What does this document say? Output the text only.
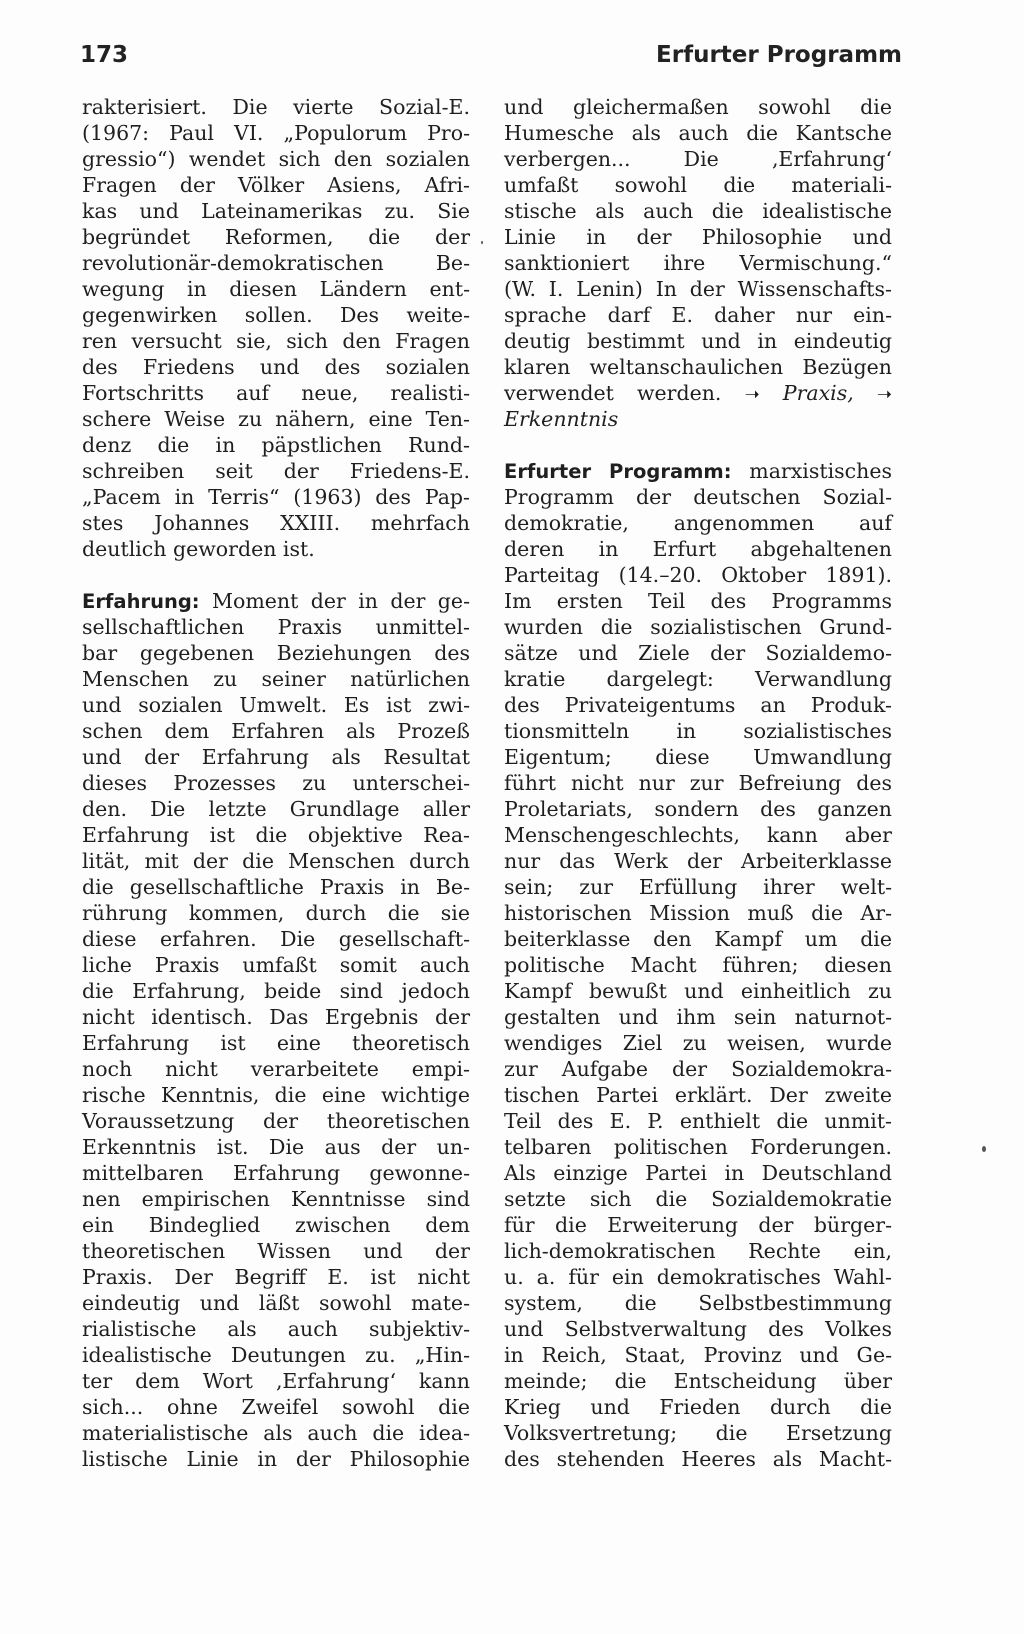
173	Erfurter Programm
rakterisiert. Die vierte Sozial-E.
(1967: Paul VI. „Populorum Pro-
gressio“) wendet sich den sozialen
Fragen der Völker Asiens, Afri-
kas und Lateinamerikas zu. Sie
begründet Reformen, die der
revolutionär-demokratischen Be-
wegung in diesen Ländern ent-
gegenwirken sollen. Des weite-
ren versucht sie, sich den Fragen
des Friedens und des sozialen
Fortschritts auf neue, realisti-
schere Weise zu nähern, eine Ten-
denz die in päpstlichen Rund-
schreiben seit der Friedens-E.
„Pacem in Terris“ (1963) des Pap-
stes Johannes XXIII. mehrfach
deutlich geworden ist.
Erfahrung: Moment der in der ge-
sellschaftlichen Praxis unmittel-
bar gegebenen Beziehungen des
Menschen zu seiner natürlichen
und sozialen Umwelt. Es ist zwi-
schen dem Erfahren als Prozeß
und der Erfahrung als Resultat
dieses Prozesses zu unterschei-
den. Die letzte Grundlage aller
Erfahrung ist die objektive Rea-
lität, mit der die Menschen durch
die gesellschaftliche Praxis in Be-
rührung kommen, durch die sie
diese erfahren. Die gesellschaft-
liche Praxis umfaßt somit auch
die Erfahrung, beide sind jedoch
nicht identisch. Das Ergebnis der
Erfahrung ist eine theoretisch
noch nicht verarbeitete empi-
rische Kenntnis, die eine wichtige
Voraussetzung der theoretischen
Erkenntnis ist. Die aus der un-
mittelbaren Erfahrung gewonne-
nen empirischen Kenntnisse sind
ein Bindeglied zwischen dem
theoretischen Wissen und der
Praxis. Der Begriff E. ist nicht
eindeutig und läßt sowohl mate-
rialistische als auch subjektiv-
idealistische Deutungen zu. „Hin-
ter dem Wort ‚Erfahrung‘ kann
sich... ohne Zweifel sowohl die
materialistische als auch die idea-
listische Linie in der Philosophie
und gleichermaßen sowohl die
Humesche als auch die Kantsche
verbergen... Die ‚Erfahrung‘
umfaßt sowohl die materiali-
stische als auch die idealistische
Linie in der Philosophie und
sanktioniert ihre Vermischung.“
(W. I. Lenin) In der Wissenschafts-
sprache darf E. daher nur ein-
deutig bestimmt und in eindeutig
klaren weltanschaulichen Bezügen
verwendet werden. ➝ Praxis, ➝
Erkenntnis
Erfurter Programm: marxistisches
Programm der deutschen Sozial-
demokratie, angenommen auf
deren in Erfurt abgehaltenen
Parteitag (14.–20. Oktober 1891).
Im ersten Teil des Programms
wurden die sozialistischen Grund-
sätze und Ziele der Sozialdemo-
kratie dargelegt: Verwandlung
des Privateigentums an Produk-
tionsmitteln in sozialistisches
Eigentum; diese Umwandlung
führt nicht nur zur Befreiung des
Proletariats, sondern des ganzen
Menschengeschlechts, kann aber
nur das Werk der Arbeiterklasse
sein; zur Erfüllung ihrer welt-
historischen Mission muß die Ar-
beiterklasse den Kampf um die
politische Macht führen; diesen
Kampf bewußt und einheitlich zu
gestalten und ihm sein naturnot-
wendiges Ziel zu weisen, wurde
zur Aufgabe der Sozialdemokra-
tischen Partei erklärt. Der zweite
Teil des E. P. enthielt die unmit-
telbaren politischen Forderungen.
Als einzige Partei in Deutschland
setzte sich die Sozialdemokratie
für die Erweiterung der bürger-
lich-demokratischen Rechte ein,
u. a. für ein demokratisches Wahl-
system, die Selbstbestimmung
und Selbstverwaltung des Volkes
in Reich, Staat, Provinz und Ge-
meinde; die Entscheidung über
Krieg und Frieden durch die
Volksvertretung; die Ersetzung
des stehenden Heeres als Macht-
